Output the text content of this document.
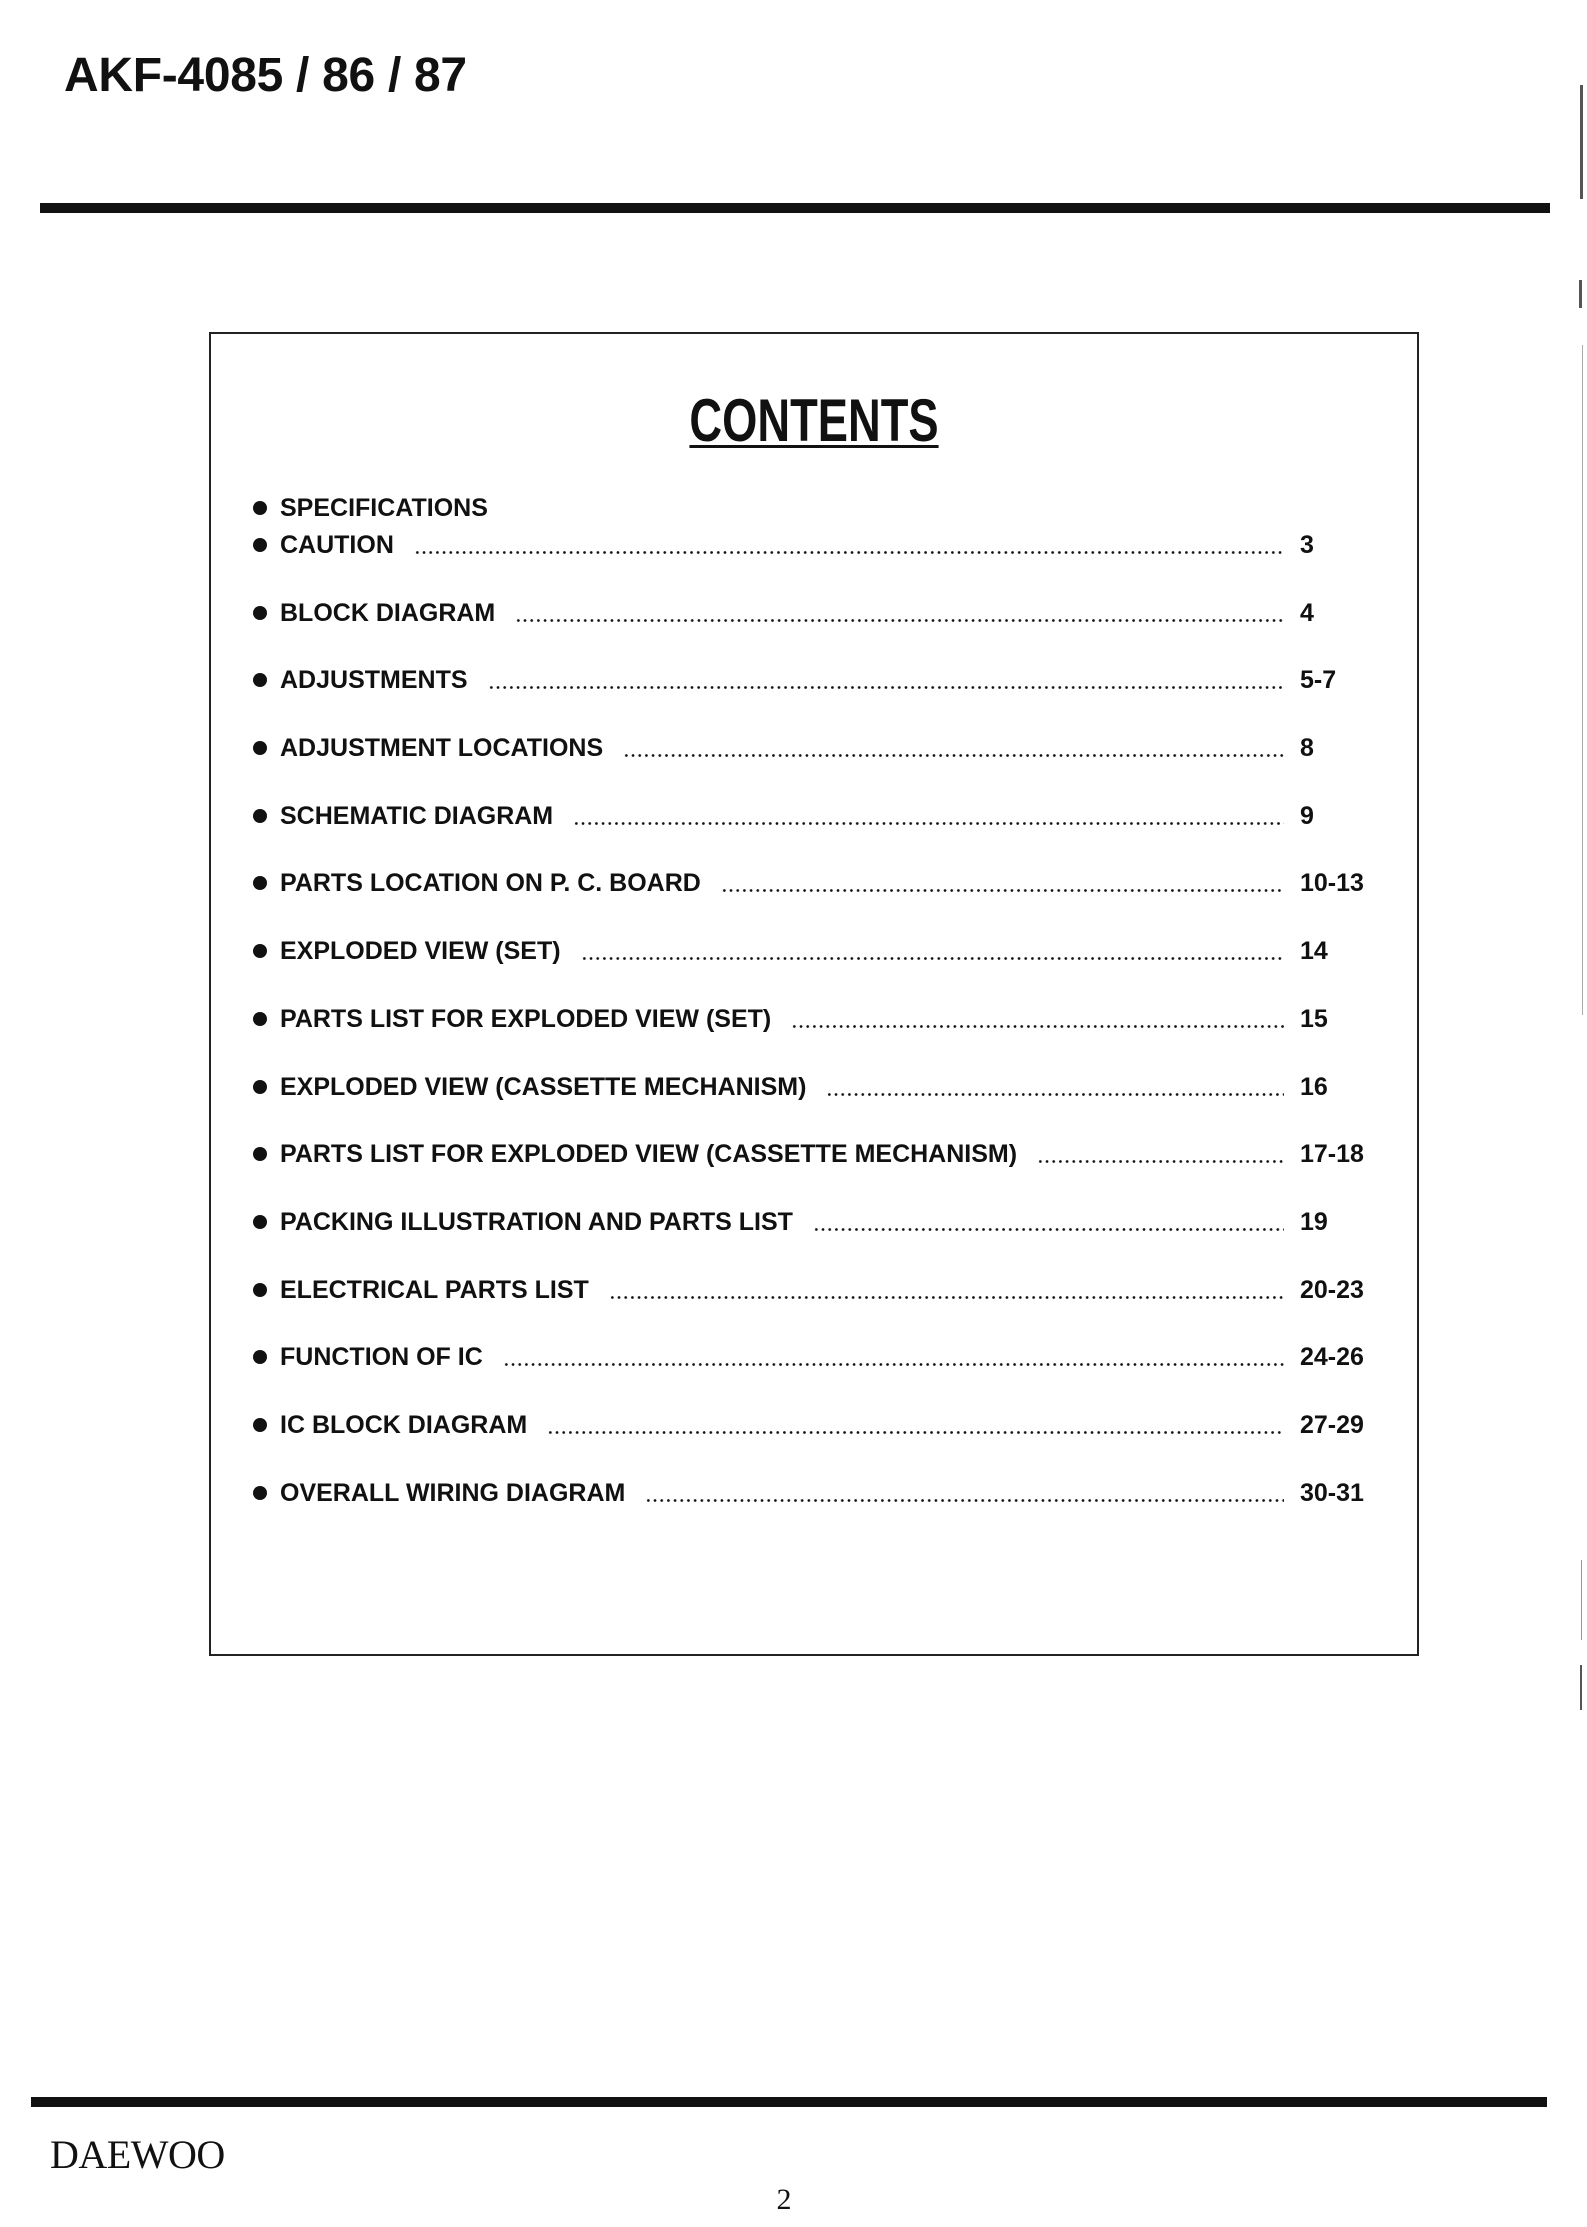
AKF-4085 / 86 / 87
CONTENTS
SPECIFICATIONS
CAUTION	3
BLOCK DIAGRAM	4
ADJUSTMENTS	5-7
ADJUSTMENT LOCATIONS	8
SCHEMATIC DIAGRAM	9
PARTS LOCATION ON P. C. BOARD	10-13
EXPLODED VIEW (SET)	14
PARTS LIST FOR EXPLODED VIEW (SET)	15
EXPLODED VIEW (CASSETTE MECHANISM)	16
PARTS LIST FOR EXPLODED VIEW (CASSETTE MECHANISM)	17-18
PACKING ILLUSTRATION AND PARTS LIST	19
ELECTRICAL PARTS LIST	20-23
FUNCTION OF IC	24-26
IC BLOCK DIAGRAM	27-29
OVERALL WIRING DIAGRAM	30-31
DAEWOO
2
